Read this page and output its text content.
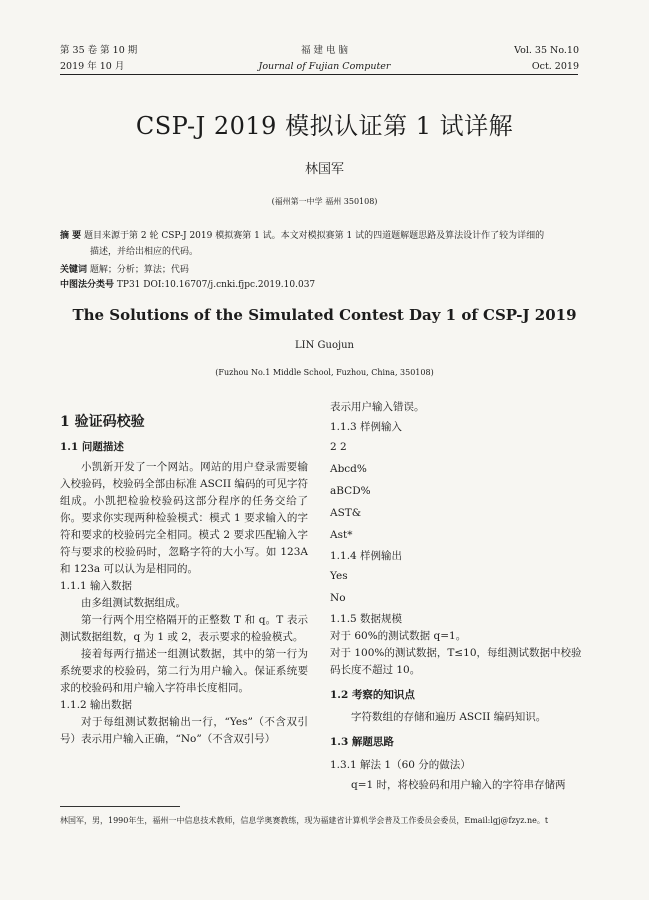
第 35 卷 第 10 期
2019 年 10 月
福 建 电 脑
Journal of Fujian Computer
Vol. 35 No.10
Oct. 2019
CSP-J 2019 模拟认证第 1 试详解
林国军
(福州第一中学 福州 350108)
摘 要 题目来源于第 2 轮 CSP-J 2019 模拟赛第 1 试。本文对模拟赛第 1 试的四道题解题思路及算法设计作了较为详细的
描述，并给出相应的代码。
关键词 题解；分析；算法；代码
中图法分类号 TP31 DOI:10.16707/j.cnki.fjpc.2019.10.037
The Solutions of the Simulated Contest Day 1 of CSP-J 2019
LIN Guojun
(Fuzhou No.1 Middle School, Fuzhou, China, 350108)

1 验证码校验

1.1 问题描述

小凯新开发了一个网站。网站的用户登录需要输入校验码，校验码全部由标准 ASCII 编码的可见字符组成。小凯把检验校验码这部分程序的任务交给了你。要求你实现两种检验模式：模式 1 要求输入的字符和要求的校验码完全相同。模式 2 要求匹配输入字符与要求的校验码时，忽略字符的大小写。如 123A 和 123a 可以认为是相同的。

1.1.1 输入数据

由多组测试数据组成。

第一行两个用空格隔开的正整数 T 和 q。T 表示测试数据组数，q 为 1 或 2，表示要求的检验模式。

接着每两行描述一组测试数据，其中的第一行为系统要求的校验码，第二行为用户输入。保证系统要求的校验码和用户输入字符串长度相同。

1.1.2 输出数据

对于每组测试数据输出一行，“Yes”（不含双引号）表示用户输入正确，“No”（不含双引号）

表示用户输入错误。

1.1.3 样例输入

2 2
Abcd%
aBCD%
AST&
Ast*

1.1.4 样例输出

Yes
No

1.1.5 数据规模

对于 60%的测试数据 q=1。

对于 100%的测试数据，T≤10，每组测试数据中校验码长度不超过 10。

1.2 考察的知识点

字符数组的存储和遍历 ASCII 编码知识。

1.3 解题思路

1.3.1 解法 1（60 分的做法）

q=1 时，将校验码和用户输入的字符串存储两

林国军，男，1990年生，福州一中信息技术教师，信息学奥赛教练，现为福建省计算机学会普及工作委员会委员，Email:lgj@fzyz.ne。t
